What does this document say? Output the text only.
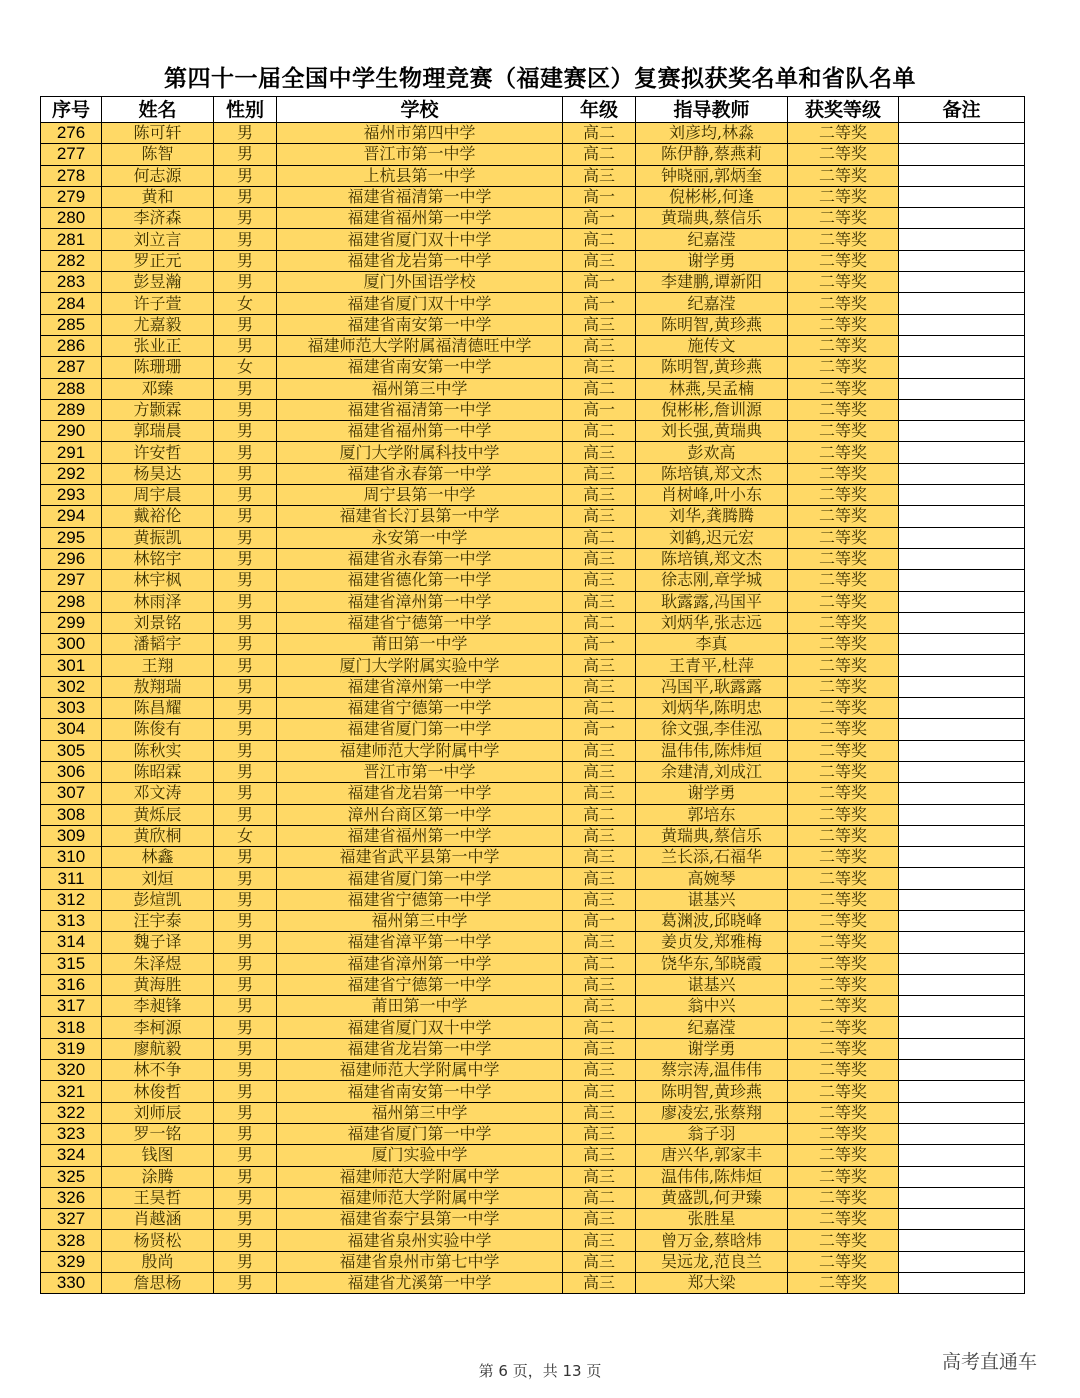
第四十一届全国中学生物理竞赛（福建赛区）复赛拟获奖名单和省队名单
序号	姓名	性别	学校	年级	指导教师	获奖等级	备注
276	陈可轩	男	福州市第四中学	高二	刘彦均,林淼	二等奖	
277	陈智	男	晋江市第一中学	高二	陈伊静,蔡燕莉	二等奖	
278	何志源	男	上杭县第一中学	高三	钟晓丽,郭炳奎	二等奖	
279	黄和	男	福建省福清第一中学	高一	倪彬彬,何逢	二等奖	
280	李济森	男	福建省福州第一中学	高一	黄瑞典,蔡信乐	二等奖	
281	刘立言	男	福建省厦门双十中学	高二	纪嘉滢	二等奖	
282	罗正元	男	福建省龙岩第一中学	高三	谢学勇	二等奖	
283	彭昱瀚	男	厦门外国语学校	高一	李建鹏,谭新阳	二等奖	
284	许子萱	女	福建省厦门双十中学	高一	纪嘉滢	二等奖	
285	尤嘉毅	男	福建省南安第一中学	高三	陈明智,黄珍燕	二等奖	
286	张业正	男	福建师范大学附属福清德旺中学	高三	施传文	二等奖	
287	陈珊珊	女	福建省南安第一中学	高三	陈明智,黄珍燕	二等奖	
288	邓臻	男	福州第三中学	高二	林燕,吴孟楠	二等奖	
289	方颢霖	男	福建省福清第一中学	高一	倪彬彬,詹训源	二等奖	
290	郭瑞晨	男	福建省福州第一中学	高二	刘长强,黄瑞典	二等奖	
291	许安哲	男	厦门大学附属科技中学	高三	彭欢高	二等奖	
292	杨昊达	男	福建省永春第一中学	高三	陈培镇,郑文杰	二等奖	
293	周宇晨	男	周宁县第一中学	高三	肖树峰,叶小东	二等奖	
294	戴裕伦	男	福建省长汀县第一中学	高三	刘华,龚腾腾	二等奖	
295	黄振凯	男	永安第一中学	高二	刘鹤,迟元宏	二等奖	
296	林铭宇	男	福建省永春第一中学	高三	陈培镇,郑文杰	二等奖	
297	林宇枫	男	福建省德化第一中学	高三	徐志刚,章学城	二等奖	
298	林雨泽	男	福建省漳州第一中学	高三	耿露露,冯国平	二等奖	
299	刘景铭	男	福建省宁德第一中学	高二	刘炳华,张志远	二等奖	
300	潘韬宇	男	莆田第一中学	高一	李真	二等奖	
301	王翔	男	厦门大学附属实验中学	高三	王青平,杜萍	二等奖	
302	敖翔瑞	男	福建省漳州第一中学	高三	冯国平,耿露露	二等奖	
303	陈昌耀	男	福建省宁德第一中学	高二	刘炳华,陈明忠	二等奖	
304	陈俊有	男	福建省厦门第一中学	高一	徐文强,李佳泓	二等奖	
305	陈秋实	男	福建师范大学附属中学	高三	温伟伟,陈炜烜	二等奖	
306	陈昭霖	男	晋江市第一中学	高三	余建清,刘成江	二等奖	
307	邓文涛	男	福建省龙岩第一中学	高三	谢学勇	二等奖	
308	黄烁辰	男	漳州台商区第一中学	高二	郭培东	二等奖	
309	黄欣桐	女	福建省福州第一中学	高三	黄瑞典,蔡信乐	二等奖	
310	林鑫	男	福建省武平县第一中学	高三	兰长添,石福华	二等奖	
311	刘烜	男	福建省厦门第一中学	高三	高婉琴	二等奖	
312	彭煊凯	男	福建省宁德第一中学	高三	谌基兴	二等奖	
313	汪宇泰	男	福州第三中学	高一	葛渊波,邱晓峰	二等奖	
314	魏子译	男	福建省漳平第一中学	高三	姜贞发,郑雅梅	二等奖	
315	朱泽煜	男	福建省漳州第一中学	高二	饶华东,邹晓霞	二等奖	
316	黄海胜	男	福建省宁德第一中学	高三	谌基兴	二等奖	
317	李昶锋	男	莆田第一中学	高三	翁中兴	二等奖	
318	李柯源	男	福建省厦门双十中学	高二	纪嘉滢	二等奖	
319	廖航毅	男	福建省龙岩第一中学	高三	谢学勇	二等奖	
320	林不争	男	福建师范大学附属中学	高三	蔡宗涛,温伟伟	二等奖	
321	林俊哲	男	福建省南安第一中学	高三	陈明智,黄珍燕	二等奖	
322	刘师辰	男	福州第三中学	高三	廖凌宏,张蔡翔	二等奖	
323	罗一铭	男	福建省厦门第一中学	高三	翁子羽	二等奖	
324	钱图	男	厦门实验中学	高三	唐兴华,郭家丰	二等奖	
325	涂腾	男	福建师范大学附属中学	高三	温伟伟,陈炜烜	二等奖	
326	王昊哲	男	福建师范大学附属中学	高二	黄盛凯,何尹臻	二等奖	
327	肖越涵	男	福建省泰宁县第一中学	高三	张胜星	二等奖	
328	杨贤松	男	福建省泉州实验中学	高三	曾万金,蔡晗炜	二等奖	
329	殷尚	男	福建省泉州市第七中学	高三	吴远龙,范良兰	二等奖	
330	詹思杨	男	福建省尤溪第一中学	高三	郑大梁	二等奖	
第 6 页，共 13 页	高考直通车
